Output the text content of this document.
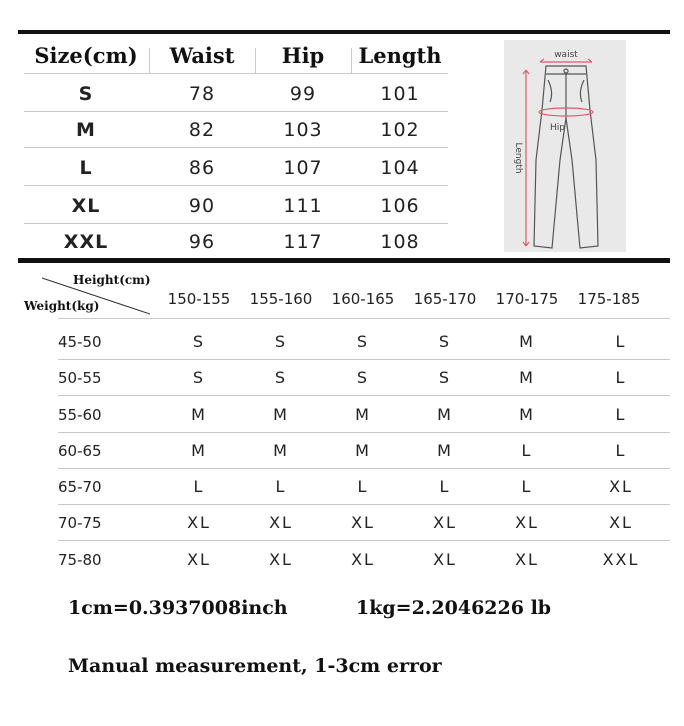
Size(cm)	Waist	Hip	Length
S	78	99	101
M	82	103	102
L	86	107	104
XL	90	111	106
XXL	96	117	108
waist
Hip
Length
Height(cm)
Weight(kg)	150-155	155-160	160-165	165-170	170-175	175-185
45-50	S	S	S	S	M	L
50-55	S	S	S	S	M	L
55-60	M	M	M	M	M	L
60-65	M	M	M	M	L	L
65-70	L	L	L	L	L	XL
70-75	XL	XL	XL	XL	XL	XL
75-80	XL	XL	XL	XL	XL	XXL
1cm=0.3937008inch	1kg=2.2046226 lb
Manual measurement, 1-3cm error
